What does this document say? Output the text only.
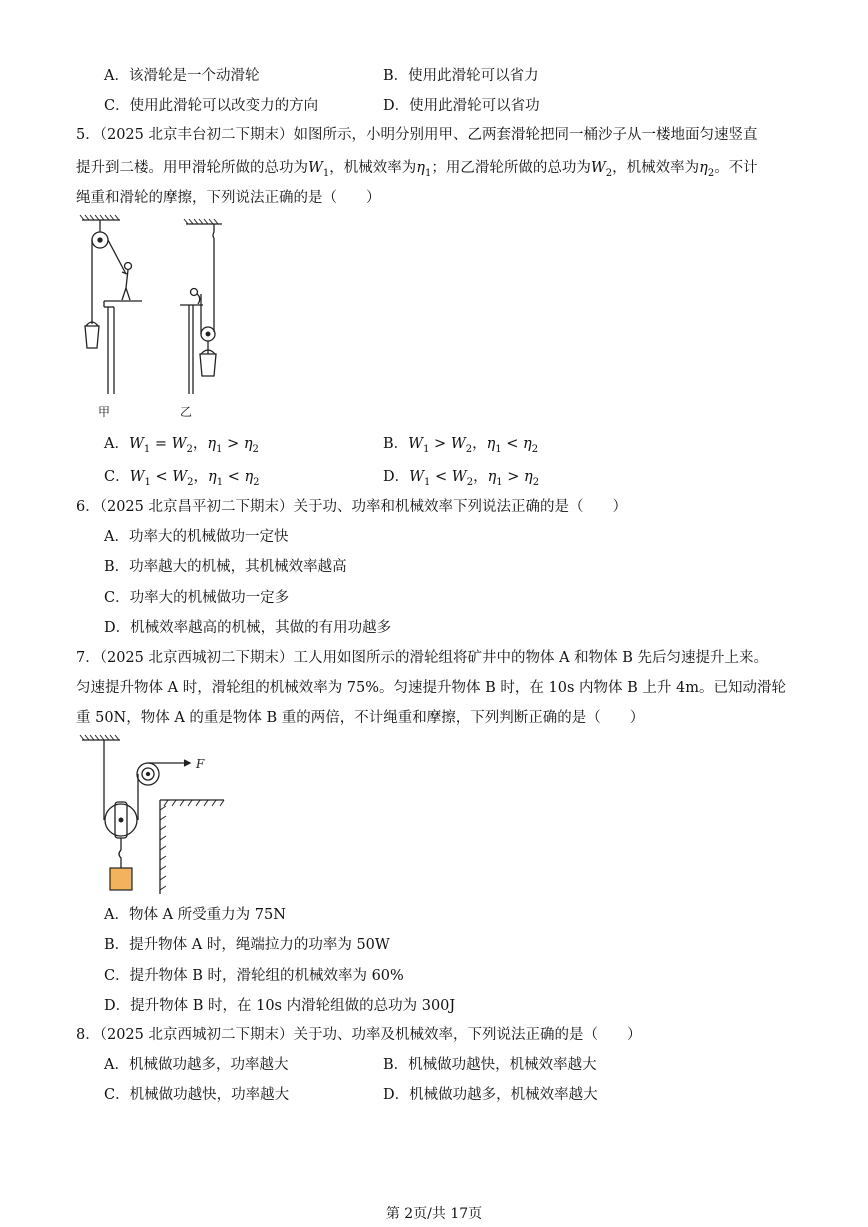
A．该滑轮是一个动滑轮	B．使用此滑轮可以省力
C．使用此滑轮可以改变力的方向	D．使用此滑轮可以省功
5．（2025 北京丰台初二下期末）如图所示，小明分别用甲、乙两套滑轮把同一桶沙子从一楼地面匀速竖直
提升到二楼。用甲滑轮所做的总功为$W_1$，机械效率为$\eta_1$；用乙滑轮所做的总功为$W_2$，机械效率为$\eta_2$。不计
绳重和滑轮的摩擦，下列说法正确的是（　　）
甲	乙
A．$W_1 = W_2$，$\eta_1 > \eta_2$	B．$W_1 > W_2$，$\eta_1 < \eta_2$
C．$W_1 < W_2$，$\eta_1 < \eta_2$	D．$W_1 < W_2$，$\eta_1 > \eta_2$
6．（2025 北京昌平初二下期末）关于功、功率和机械效率下列说法正确的是（　　）
A．功率大的机械做功一定快
B．功率越大的机械，其机械效率越高
C．功率大的机械做功一定多
D．机械效率越高的机械，其做的有用功越多
7．（2025 北京西城初二下期末）工人用如图所示的滑轮组将矿井中的物体 A 和物体 B 先后匀速提升上来。
匀速提升物体 A 时，滑轮组的机械效率为 75%。匀速提升物体 B 时，在 10s 内物体 B 上升 4m。已知动滑轮
重 50N，物体 A 的重是物体 B 重的两倍，不计绳重和摩擦，下列判断正确的是（　　）
F
A．物体 A 所受重力为 75N
B．提升物体 A 时，绳端拉力的功率为 50W
C．提升物体 B 时，滑轮组的机械效率为 60%
D．提升物体 B 时，在 10s 内滑轮组做的总功为 300J
8．（2025 北京西城初二下期末）关于功、功率及机械效率，下列说法正确的是（　　）
A．机械做功越多，功率越大	B．机械做功越快，机械效率越大
C．机械做功越快，功率越大	D．机械做功越多，机械效率越大
第 2页/共 17页
